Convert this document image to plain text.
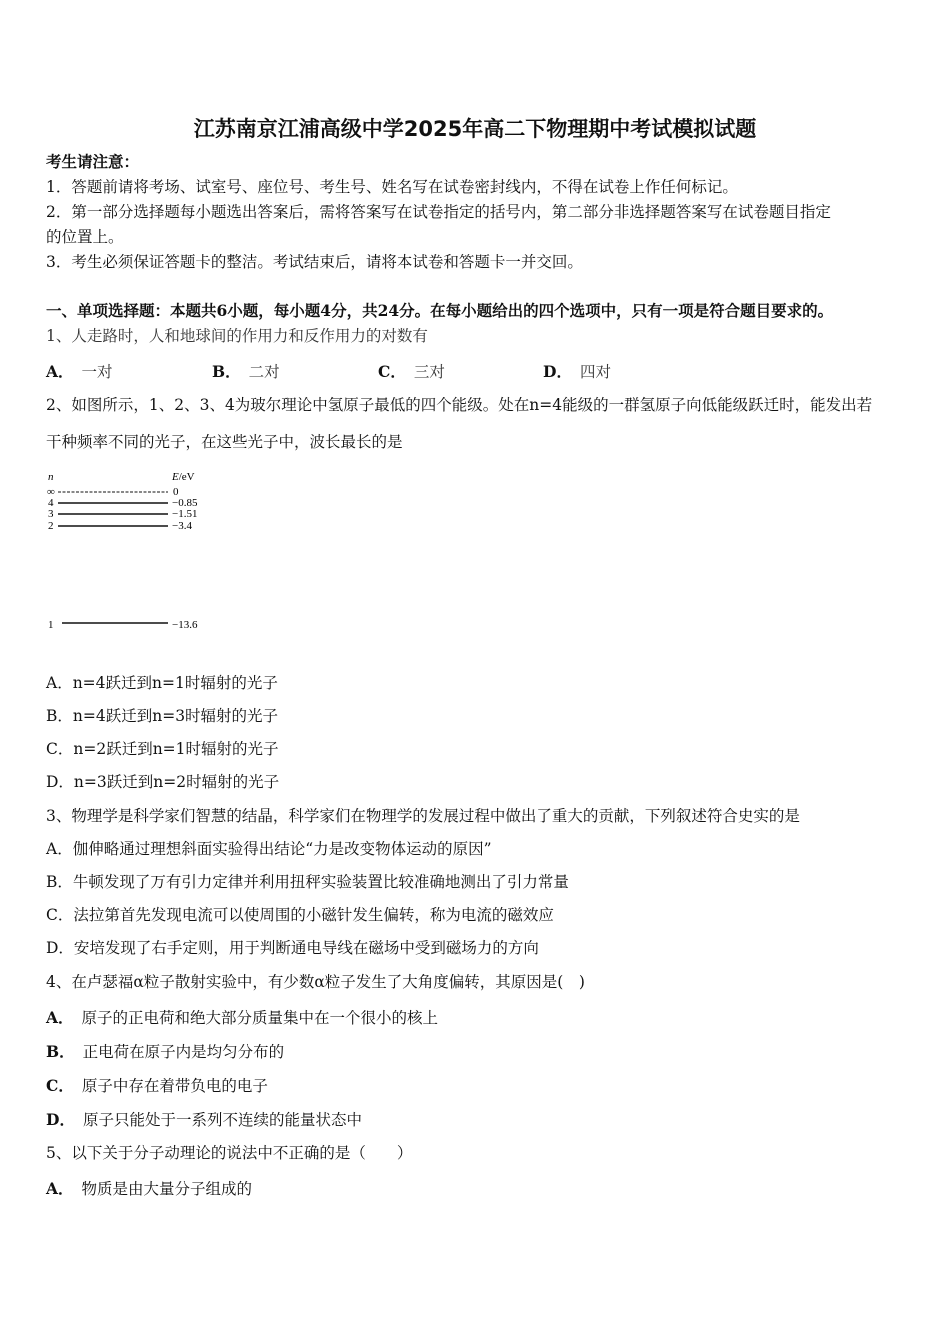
江苏南京江浦高级中学2025年高二下物理期中考试模拟试题
考生请注意：
1．答题前请将考场、试室号、座位号、考生号、姓名写在试卷密封线内，不得在试卷上作任何标记。
2．第一部分选择题每小题选出答案后，需将答案写在试卷指定的括号内，第二部分非选择题答案写在试卷题目指定
的位置上。
3．考生必须保证答题卡的整洁。考试结束后，请将本试卷和答题卡一并交回。
一、单项选择题：本题共6小题，每小题4分，共24分。在每小题给出的四个选项中，只有一项是符合题目要求的。
1、人走路时，人和地球间的作用力和反作用力的对数有
A． 一对	B． 二对	C． 三对	D． 四对
2、如图所示，1、2、3、4为玻尔理论中氢原子最低的四个能级。处在n=4能级的一群氢原子向低能级跃迁时，能发出若
干种频率不同的光子，在这些光子中，波长最长的是
n	E/eV
∞
4
3
2
1
0
−0.85
−1.51
−3.4
−13.6
A．n=4跃迁到n=1时辐射的光子
B．n=4跃迁到n=3时辐射的光子
C．n=2跃迁到n=1时辐射的光子
D．n=3跃迁到n=2时辐射的光子
3、物理学是科学家们智慧的结晶，科学家们在物理学的发展过程中做出了重大的贡献，下列叙述符合史实的是
A．伽伸略通过理想斜面实验得出结论“力是改变物体运动的原因”
B．牛顿发现了万有引力定律并利用扭秤实验装置比较准确地测出了引力常量
C．法拉第首先发现电流可以使周围的小磁针发生偏转，称为电流的磁效应
D．安培发现了右手定则，用于判断通电导线在磁场中受到磁场力的方向
4、在卢瑟福α粒子散射实验中，有少数α粒子发生了大角度偏转，其原因是(　)
A． 原子的正电荷和绝大部分质量集中在一个很小的核上
B． 正电荷在原子内是均匀分布的
C． 原子中存在着带负电的电子
D． 原子只能处于一系列不连续的能量状态中
5、以下关于分子动理论的说法中不正确的是（　　）
A． 物质是由大量分子组成的
